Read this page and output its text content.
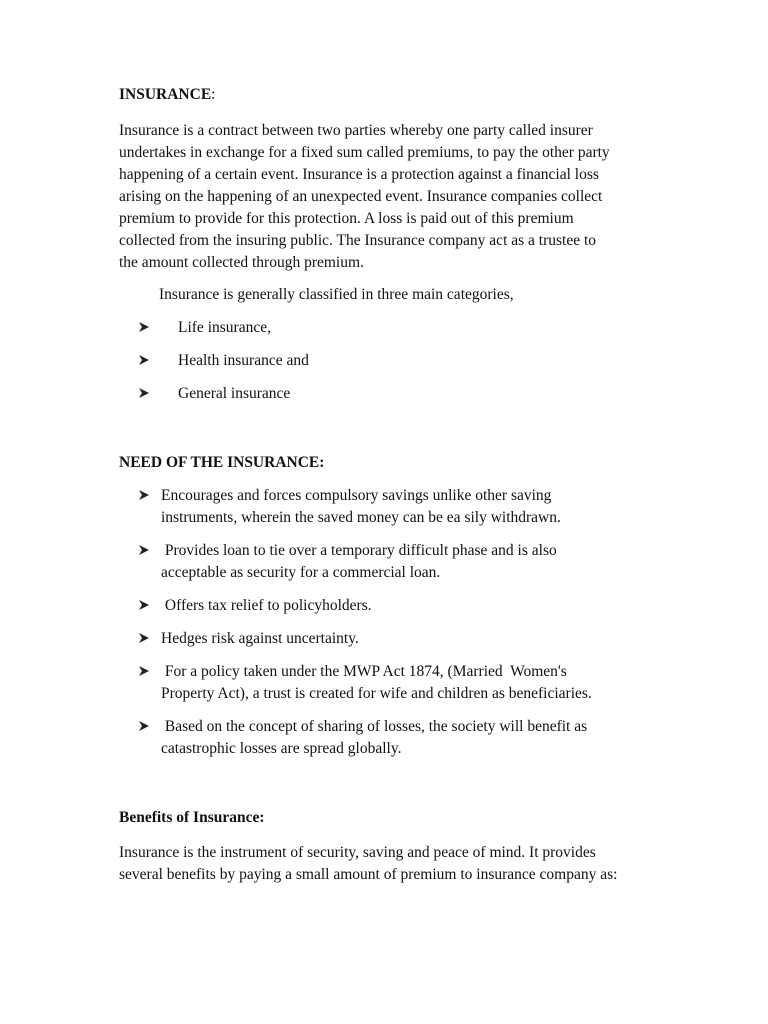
INSURANCE:

Insurance is a contract between two parties whereby one party called insurer

undertakes in exchange for a fixed sum called premiums, to pay the other party

happening of a certain event. Insurance is a protection against a financial loss

arising on the happening of an unexpected event. Insurance companies collect

premium to provide for this protection. A loss is paid out of this premium

collected from the insuring public. The Insurance company act as a trustee to

the amount collected through premium.

Insurance is generally classified in three main categories,

Life insurance,

Health insurance and

General insurance

NEED OF THE INSURANCE:

Encourages and forces compulsory savings unlike other saving

instruments, wherein the saved money can be ea sily withdrawn.

Provides loan to tie over a temporary difficult phase and is also

acceptable as security for a commercial loan.

Offers tax relief to policyholders.

Hedges risk against uncertainty.

For a policy taken under the MWP Act 1874, (Married  Women's

Property Act), a trust is created for wife and children as beneficiaries.

Based on the concept of sharing of losses, the society will benefit as

catastrophic losses are spread globally.

Benefits of Insurance:

Insurance is the instrument of security, saving and peace of mind. It provides

several benefits by paying a small amount of premium to insurance company as:
